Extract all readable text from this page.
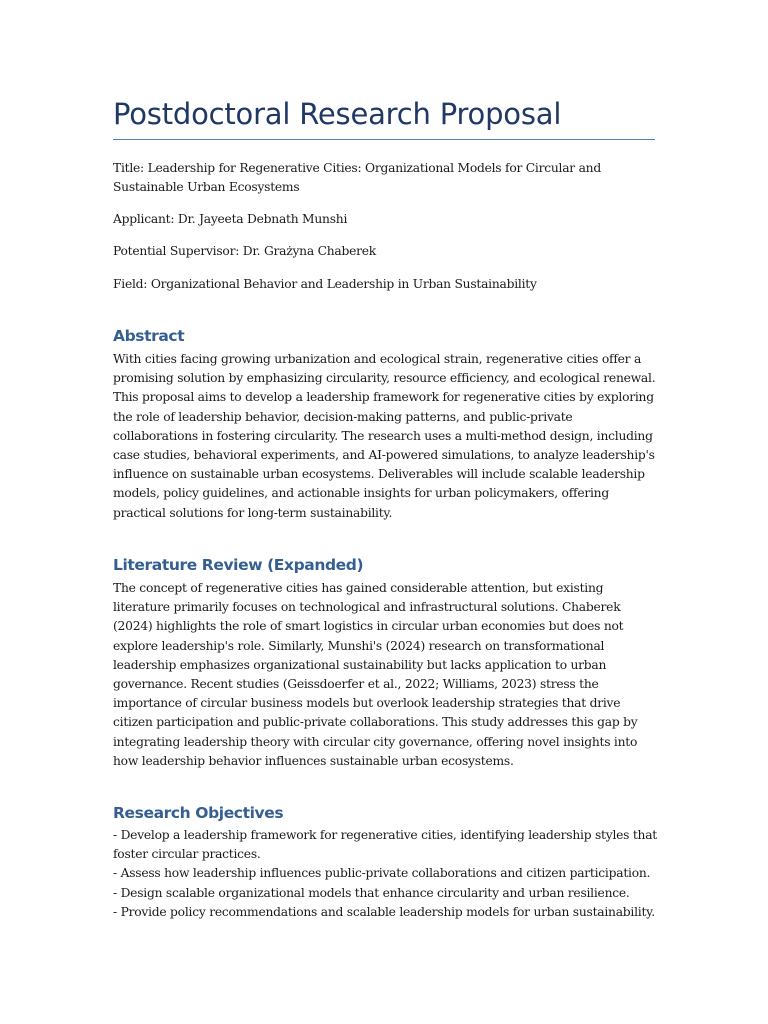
Postdoctoral Research Proposal

Title: Leadership for Regenerative Cities: Organizational Models for Circular and Sustainable Urban Ecosystems

Applicant: Dr. Jayeeta Debnath Munshi

Potential Supervisor: Dr. Grażyna Chaberek

Field: Organizational Behavior and Leadership in Urban Sustainability

Abstract

With cities facing growing urbanization and ecological strain, regenerative cities offer a promising solution by emphasizing circularity, resource efficiency, and ecological renewal. This proposal aims to develop a leadership framework for regenerative cities by exploring the role of leadership behavior, decision-making patterns, and public-private collaborations in fostering circularity. The research uses a multi-method design, including case studies, behavioral experiments, and AI-powered simulations, to analyze leadership's influence on sustainable urban ecosystems. Deliverables will include scalable leadership models, policy guidelines, and actionable insights for urban policymakers, offering practical solutions for long-term sustainability.

Literature Review (Expanded)

The concept of regenerative cities has gained considerable attention, but existing literature primarily focuses on technological and infrastructural solutions. Chaberek (2024) highlights the role of smart logistics in circular urban economies but does not explore leadership's role. Similarly, Munshi's (2024) research on transformational leadership emphasizes organizational sustainability but lacks application to urban governance. Recent studies (Geissdoerfer et al., 2022; Williams, 2023) stress the importance of circular business models but overlook leadership strategies that drive citizen participation and public-private collaborations. This study addresses this gap by integrating leadership theory with circular city governance, offering novel insights into how leadership behavior influences sustainable urban ecosystems.

Research Objectives
- Develop a leadership framework for regenerative cities, identifying leadership styles that foster circular practices.
- Assess how leadership influences public-private collaborations and citizen participation.
- Design scalable organizational models that enhance circularity and urban resilience.
- Provide policy recommendations and scalable leadership models for urban sustainability.
